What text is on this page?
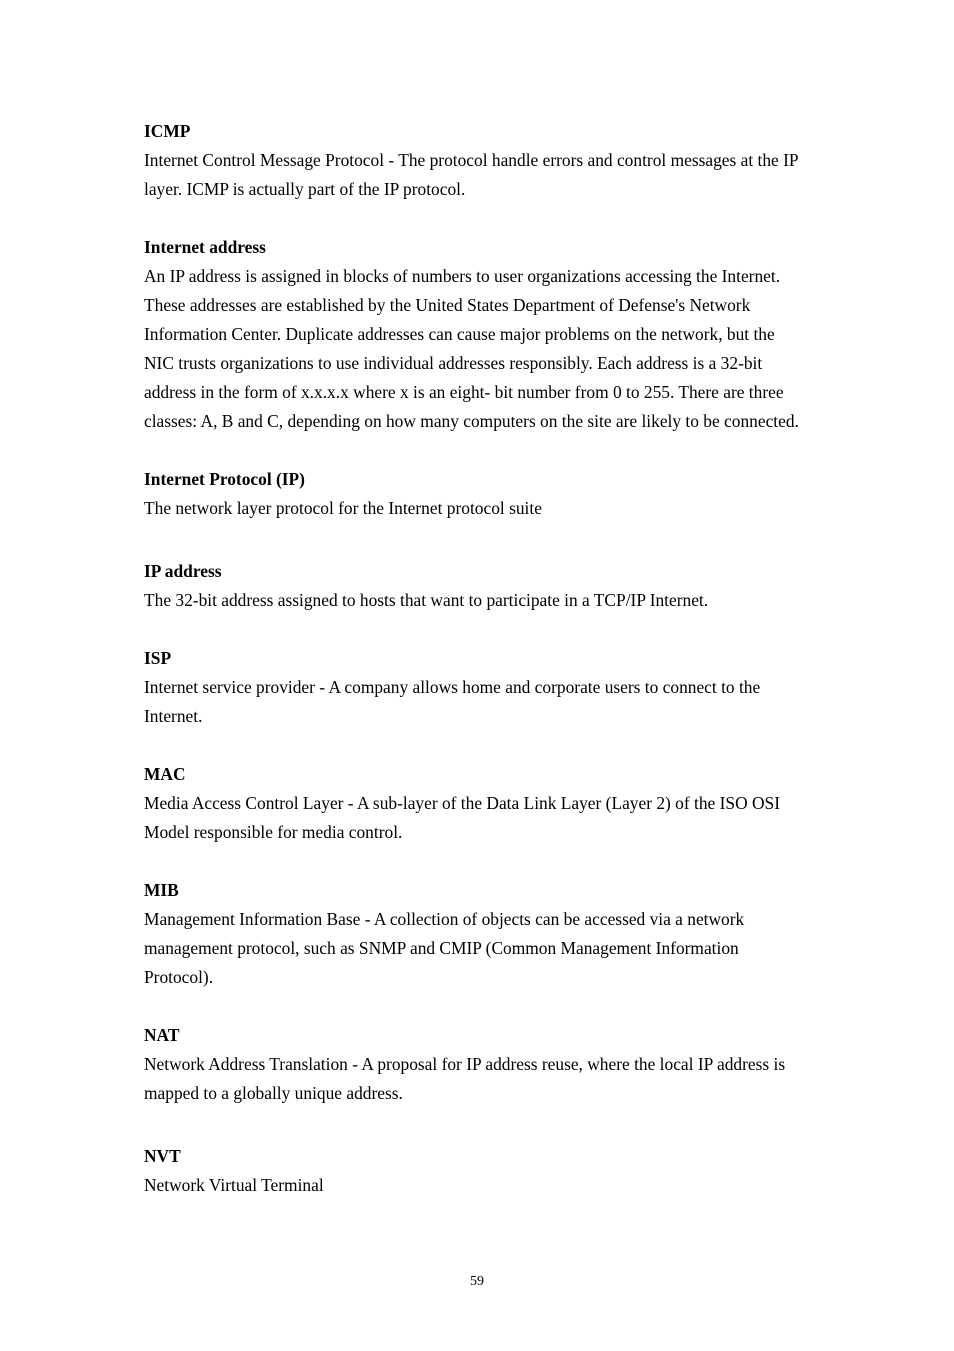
ICMP

Internet Control Message Protocol - The protocol handle errors and control messages at the IP layer. ICMP is actually part of the IP protocol.

Internet address

An IP address is assigned in blocks of numbers to user organizations accessing the Internet. These addresses are established by the United States Department of Defense's Network Information Center. Duplicate addresses can cause major problems on the network, but the NIC trusts organizations to use individual addresses responsibly. Each address is a 32-bit address in the form of x.x.x.x where x is an eight- bit number from 0 to 255. There are three classes: A, B and C, depending on how many computers on the site are likely to be connected.

Internet Protocol (IP)

The network layer protocol for the Internet protocol suite

IP address

The 32-bit address assigned to hosts that want to participate in a TCP/IP Internet.

ISP

Internet service provider - A company allows home and corporate users to connect to the Internet.

MAC

Media Access Control Layer - A sub-layer of the Data Link Layer (Layer 2) of the ISO OSI Model responsible for media control.

MIB

Management Information Base - A collection of objects can be accessed via a network management protocol, such as SNMP and CMIP (Common Management Information Protocol).

NAT

Network Address Translation - A proposal for IP address reuse, where the local IP address is mapped to a globally unique address.

NVT

Network Virtual Terminal

59
